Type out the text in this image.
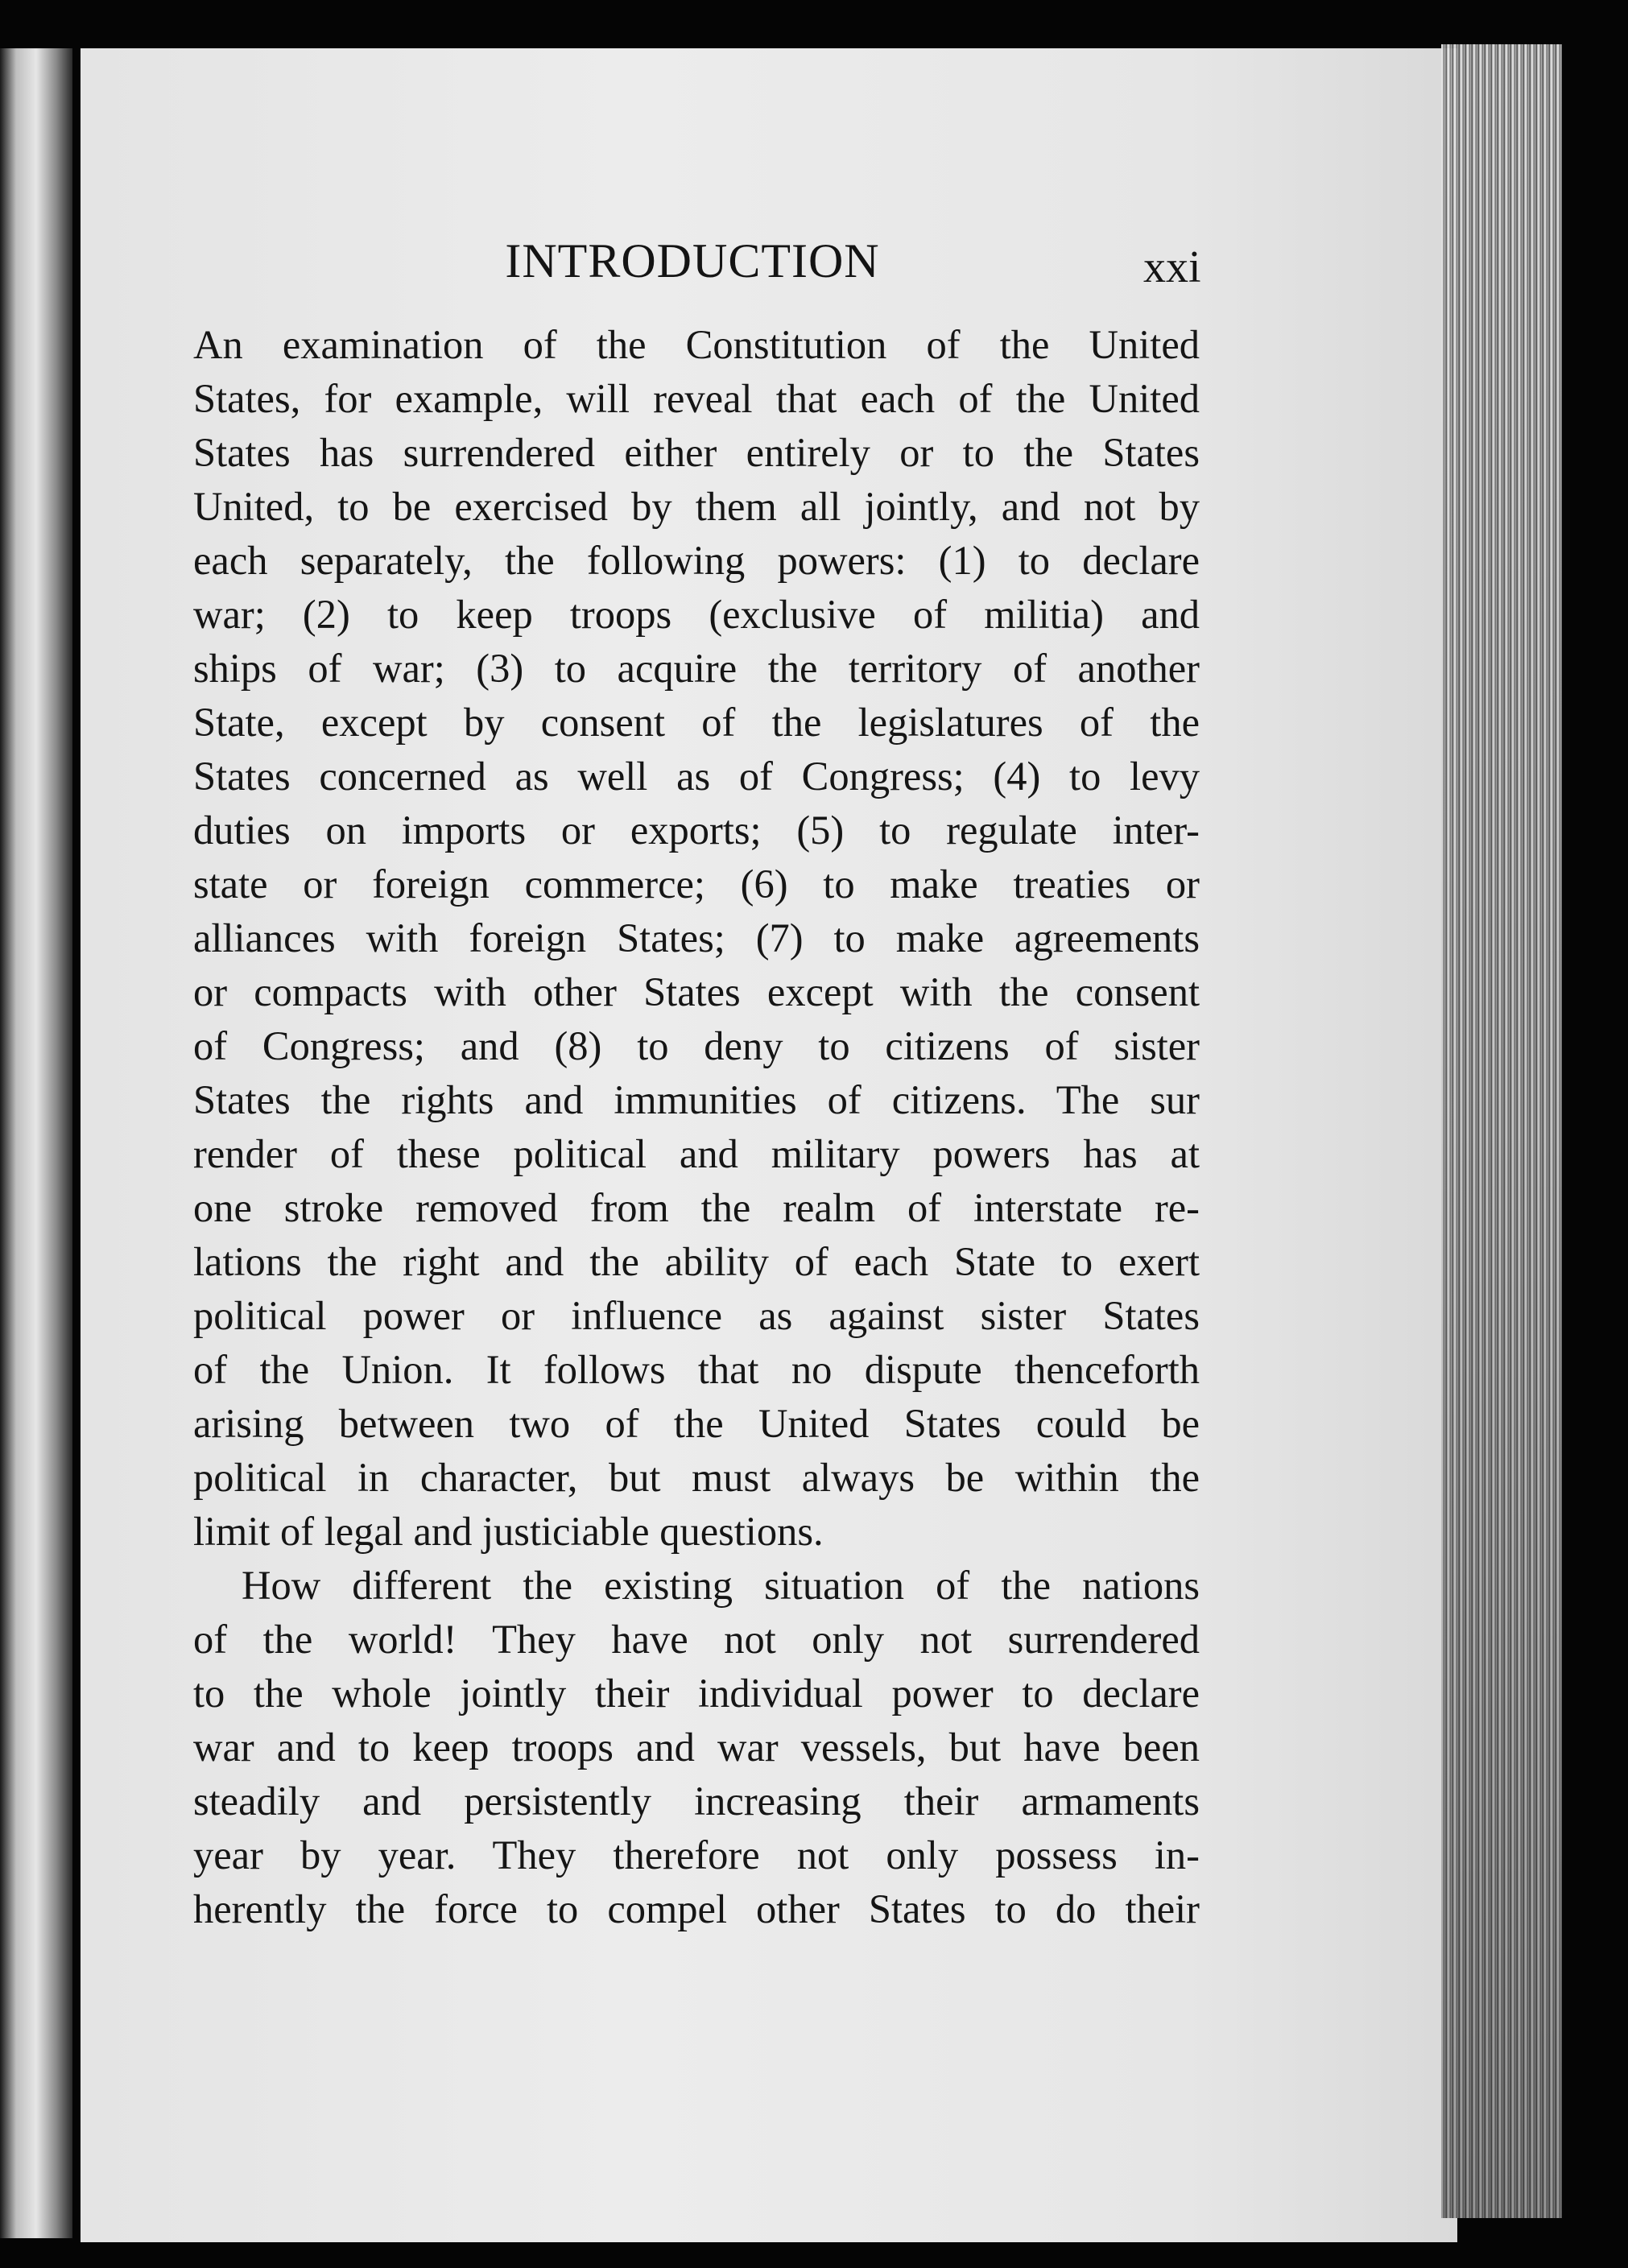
INTRODUCTION	xxi
An examination of the Constitution of the United
States, for example, will reveal that each of the United
States has surrendered either entirely or to the States
United, to be exercised by them all jointly, and not by
each separately, the following powers: (1) to declare
war; (2) to keep troops (exclusive of militia) and
ships of war; (3) to acquire the territory of another
State, except by consent of the legislatures of the
States concerned as well as of Congress; (4) to levy
duties on imports or exports; (5) to regulate inter-
state or foreign commerce; (6) to make treaties or
alliances with foreign States; (7) to make agreements
or compacts with other States except with the consent
of Congress; and (8) to deny to citizens of sister
States the rights and immunities of citizens. The sur
render of these political and military powers has at
one stroke removed from the realm of interstate re-
lations the right and the ability of each State to exert
political power or influence as against sister States
of the Union. It follows that no dispute thenceforth
arising between two of the United States could be
political in character, but must always be within the
limit of legal and justiciable questions.
How different the existing situation of the nations
of the world! They have not only not surrendered
to the whole jointly their individual power to declare
war and to keep troops and war vessels, but have been
steadily and persistently increasing their armaments
year by year. They therefore not only possess in-
herently the force to compel other States to do their
